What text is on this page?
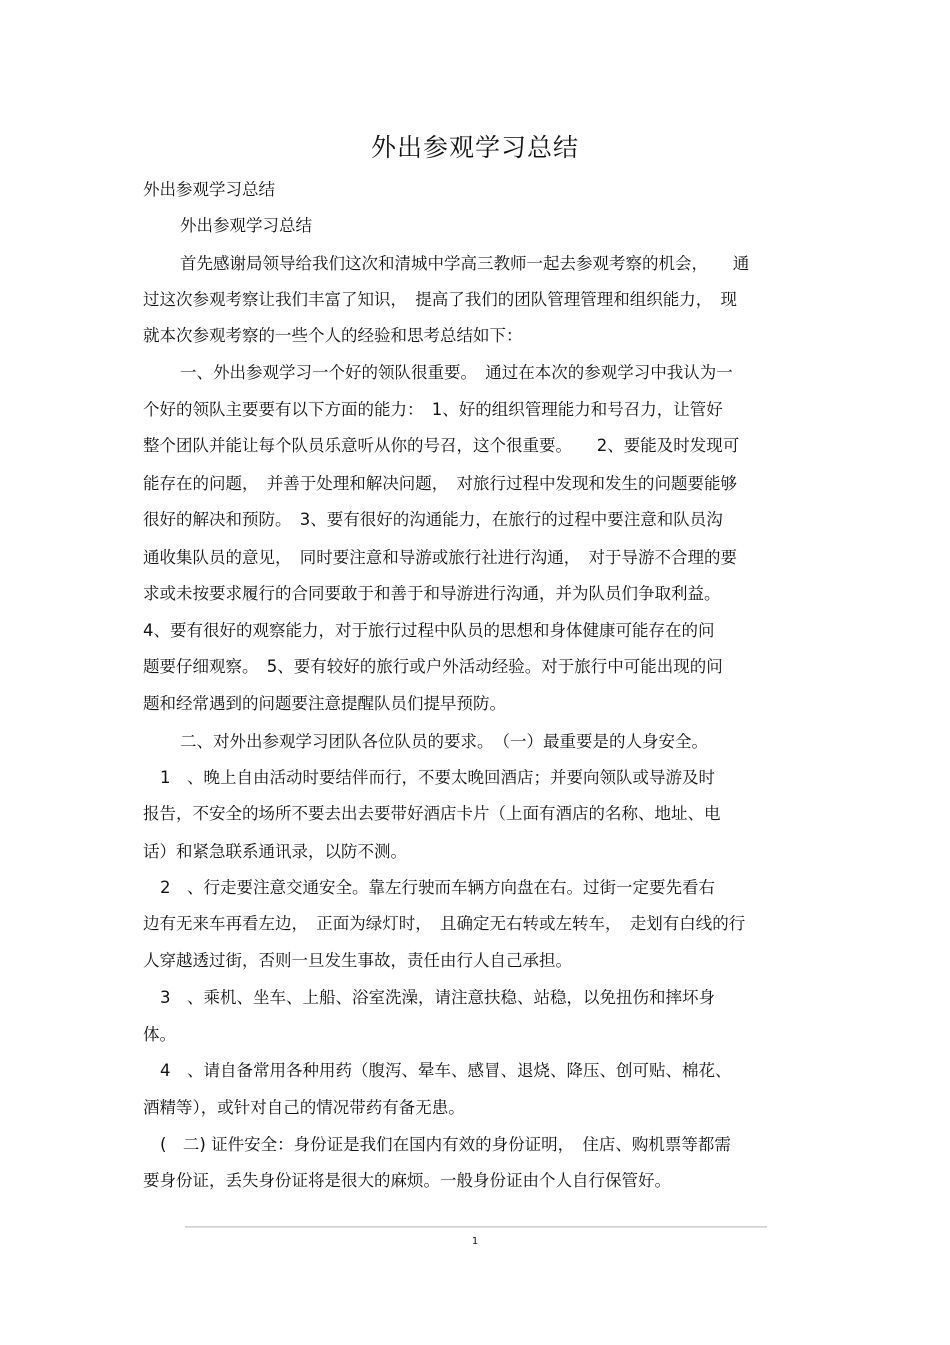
外出参观学习总结
外出参观学习总结
外出参观学习总结
首先感谢局领导给我们这次和清城中学高三教师一起去参观考察的机会，　　通
过这次参观考察让我们丰富了知识，　提高了我们的团队管理管理和组织能力，　现
就本次参观考察的一些个人的经验和思考总结如下：
一、外出参观学习一个好的领队很重要。　通过在本次的参观学习中我认为一
个好的领队主要要有以下方面的能力：　1、好的组织管理能力和号召力，让管好
整个团队并能让每个队员乐意听从你的号召，这个很重要。　　2、要能及时发现可
能存在的问题，　并善于处理和解决问题，　对旅行过程中发现和发生的问题要能够
很好的解决和预防。　3、要有很好的沟通能力，在旅行的过程中要注意和队员沟
通收集队员的意见，　同时要注意和导游或旅行社进行沟通，　对于导游不合理的要
求或未按要求履行的合同要敢于和善于和导游进行沟通，并为队员们争取利益。
4、要有很好的观察能力，对于旅行过程中队员的思想和身体健康可能存在的问
题要仔细观察。　5、要有较好的旅行或户外活动经验。对于旅行中可能出现的问
题和经常遇到的问题要注意提醒队员们提早预防。
二、对外出参观学习团队各位队员的要求。　（一）最重要是的人身安全。
1　、晚上自由活动时要结伴而行，不要太晚回酒店；并要向领队或导游及时
报告，不安全的场所不要去出去要带好酒店卡片（上面有酒店的名称、地址、电
话）和紧急联系通讯录，以防不测。
2　、行走要注意交通安全。靠左行驶而车辆方向盘在右。过街一定要先看右
边有无来车再看左边，　正面为绿灯时，　且确定无右转或左转车，　走划有白线的行
人穿越透过街，否则一旦发生事故，责任由行人自己承担。
3　、乘机、坐车、上船、浴室洗澡，请注意扶稳、站稳，以免扭伤和摔坏身
体。
4　、请自备常用各种用药（腹泻、晕车、感冒、退烧、降压、创可贴、棉花、
酒精等），或针对自己的情况带药有备无患。
(　二) 证件安全：身份证是我们在国内有效的身份证明，　住店、购机票等都需
要身份证，丢失身份证将是很大的麻烦。一般身份证由个人自行保管好。
1
